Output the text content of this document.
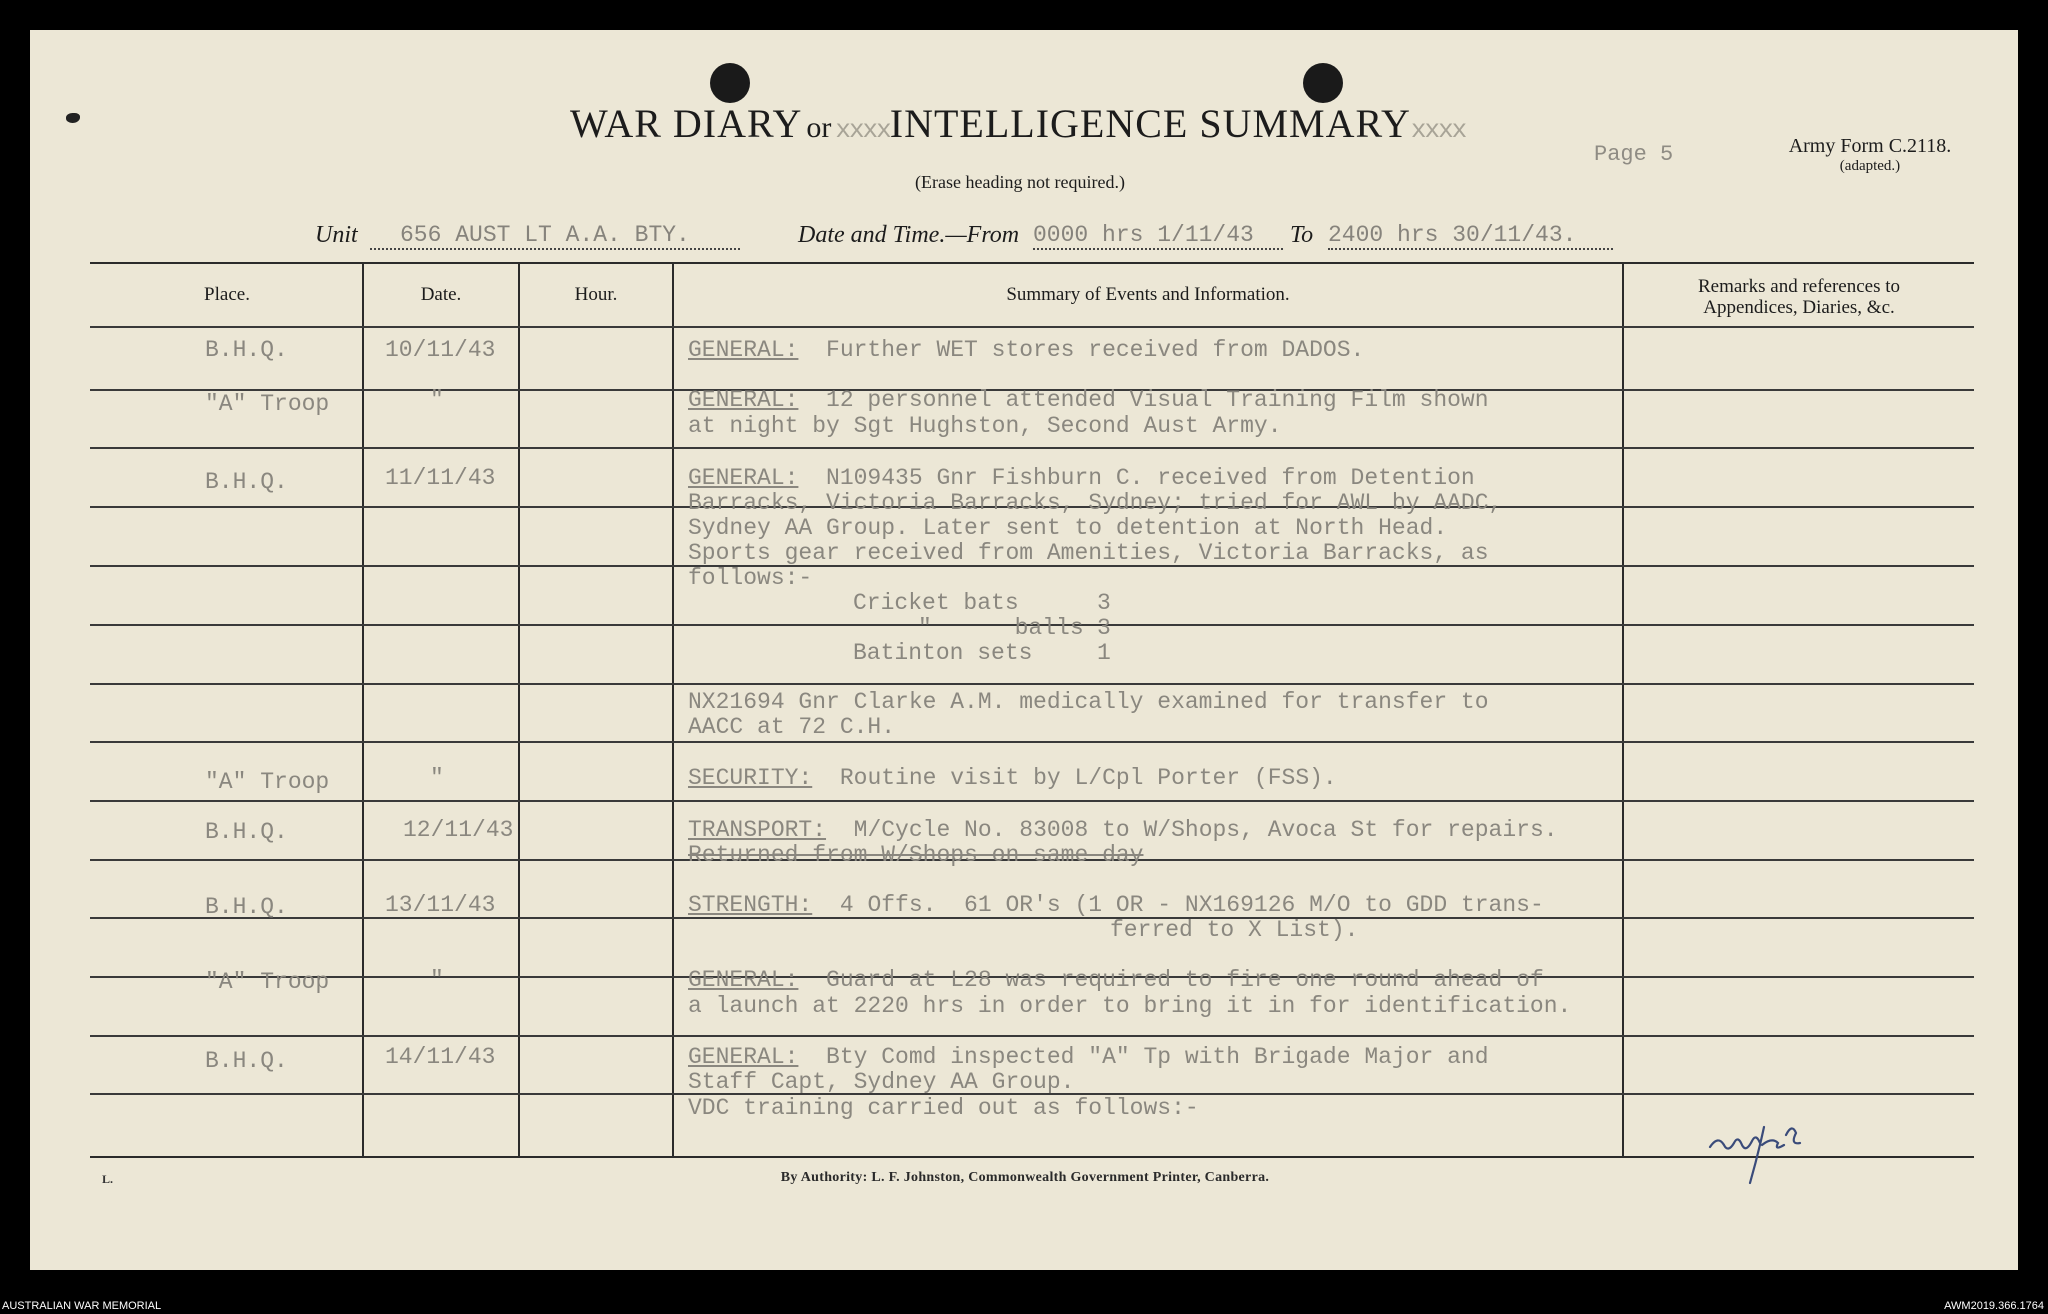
WAR DIARY or xxxxINTELLIGENCE SUMMARYxxxx
(Erase heading not required.)
Page 5	Army Form C.2118.
(adapted.)
Unit 656 AUST LT A.A. BTY.	Date and Time.—From 0000 hrs 1/11/43 To 2400 hrs 30/11/43.
Place.	Date.	Hour.	Summary of Events and Information.	Remarks and references to
Appendices, Diaries, &c.
B.H.Q.	10/11/43	GENERAL:  Further WET stores received from DADOS.
"A" Troop	"	GENERAL:  12 personnel attended Visual Training Film shown
at night by Sgt Hughston, Second Aust Army.
B.H.Q.	11/11/43	GENERAL:  N109435 Gnr Fishburn C. received from Detention
Barracks, Victoria Barracks, Sydney; tried for AWL by AADC,
Sydney AA Group. Later sent to detention at North Head.
Sports gear received from Amenities, Victoria Barracks, as
follows:-
Cricket bats	3
"      balls 3
Batinton sets	1
NX21694 Gnr Clarke A.M. medically examined for transfer to
AACC at 72 C.H.
"A" Troop	"	SECURITY:  Routine visit by L/Cpl Porter (FSS).
B.H.Q.	12/11/43	TRANSPORT:  M/Cycle No. 83008 to W/Shops, Avoca St for repairs.
Returned from W/Shops on same day
B.H.Q.	13/11/43	STRENGTH:  4 Offs.  61 OR's (1 OR - NX169126 M/O to GDD trans-
ferred to X List).
"A" Troop	"	GENERAL:  Guard at L28 was required to fire one round ahead of
a launch at 2220 hrs in order to bring it in for identification.
B.H.Q.	14/11/43	GENERAL:  Bty Comd inspected "A" Tp with Brigade Major and
Staff Capt, Sydney AA Group.
VDC training carried out as follows:-
L.	By Authority: L. F. Johnston, Commonwealth Government Printer, Canberra.
AUSTRALIAN WAR MEMORIAL	AWM2019.366.1764
